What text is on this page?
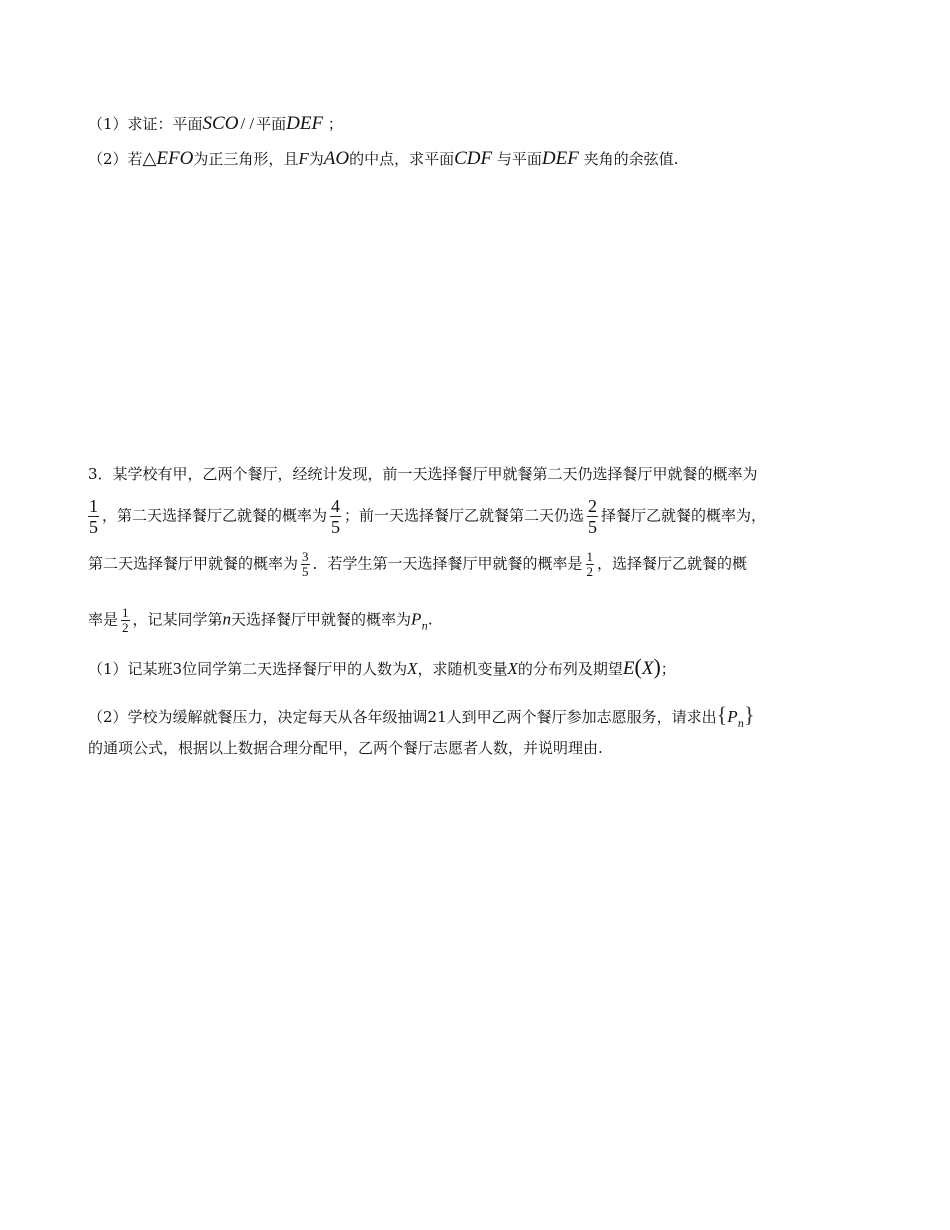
（1）求证：平面SCO / / 平面DEF ；
（2）若△EFO为正三角形，且F为AO的中点，求平面CDF 与平面DEF 夹角的余弦值.
3．某学校有甲，乙两个餐厅，经统计发现，前一天选择餐厅甲就餐第二天仍选择餐厅甲就餐的概率为
$\frac{1}{5}$ ，第二天选择餐厅乙就餐的概率为 $\frac{4}{5}$ ；前一天选择餐厅乙就餐第二天仍选 $\frac{2}{5}$ 择餐厅乙就餐的概率为，
第二天选择餐厅甲就餐的概率为 $\frac{3}{5}$ ．若学生第一天选择餐厅甲就餐的概率是 $\frac{1}{2}$ ，选择餐厅乙就餐的概
率是 $\frac{1}{2}$ ，记某同学第n天选择餐厅甲就餐的概率为$P_n$.
（1）记某班3位同学第二天选择餐厅甲的人数为X，求随机变量X的分布列及期望E(X)；
（2）学校为缓解就餐压力，决定每天从各年级抽调21人到甲乙两个餐厅参加志愿服务，请求出$\{P_n\}$
的通项公式，根据以上数据合理分配甲，乙两个餐厅志愿者人数，并说明理由.
